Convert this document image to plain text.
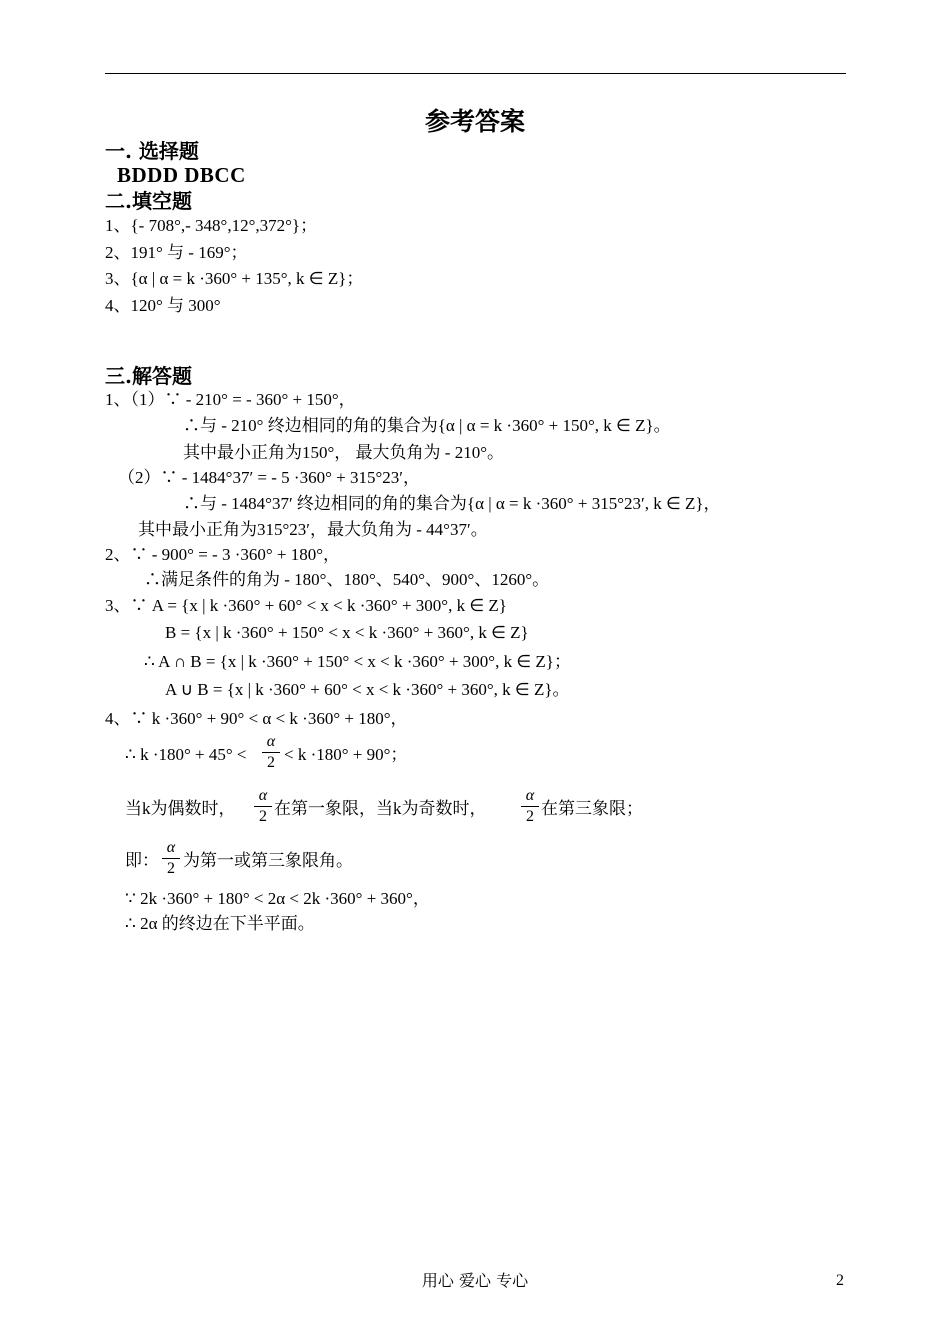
参考答案
一. 选择题
BDDD DBCC
二.填空题
1、{- 708°,- 348°,12°,372°}；
2、191° 与 - 169°；
3、{α | α = k ·360° + 135°, k ∈ Z}；
4、120° 与 300°
三.解答题
1、（1）∵ - 210° = - 360° + 150°，
∴与 - 210° 终边相同的角的集合为{α | α = k ·360° + 150°, k ∈ Z}。
其中最小正角为150°， 最大负角为 - 210°。
（2）∵ - 1484°37′ = - 5 ·360° + 315°23′，
∴与 - 1484°37′ 终边相同的角的集合为{α | α = k ·360° + 315°23′, k ∈ Z}，
其中最小正角为315°23′，最大负角为 - 44°37′。
2、∵ - 900° = - 3 ·360° + 180°，
∴满足条件的角为 - 180°、180°、540°、900°、1260°。
3、∵ A = {x | k ·360° + 60° < x < k ·360° + 300°, k ∈ Z}
B = {x | k ·360° + 150° < x < k ·360° + 360°, k ∈ Z}
∴ A ∩ B = {x | k ·360° + 150° < x < k ·360° + 300°, k ∈ Z}；
A ∪ B = {x | k ·360° + 60° < x < k ·360° + 360°, k ∈ Z}。
4、∵ k ·360° + 90° < α < k ·360° + 180°，
∴ k ·180° + 45° <
α
2 < k ·180° + 90°；
当k为偶数时，
α
2 在第一象限，当k为奇数时，
α
2 在第三象限；
即：
α
2 为第一或第三象限角。
∵ 2k ·360° + 180° < 2α < 2k ·360° + 360°，
∴ 2α 的终边在下半平面。
用心 爱心 专心	2
